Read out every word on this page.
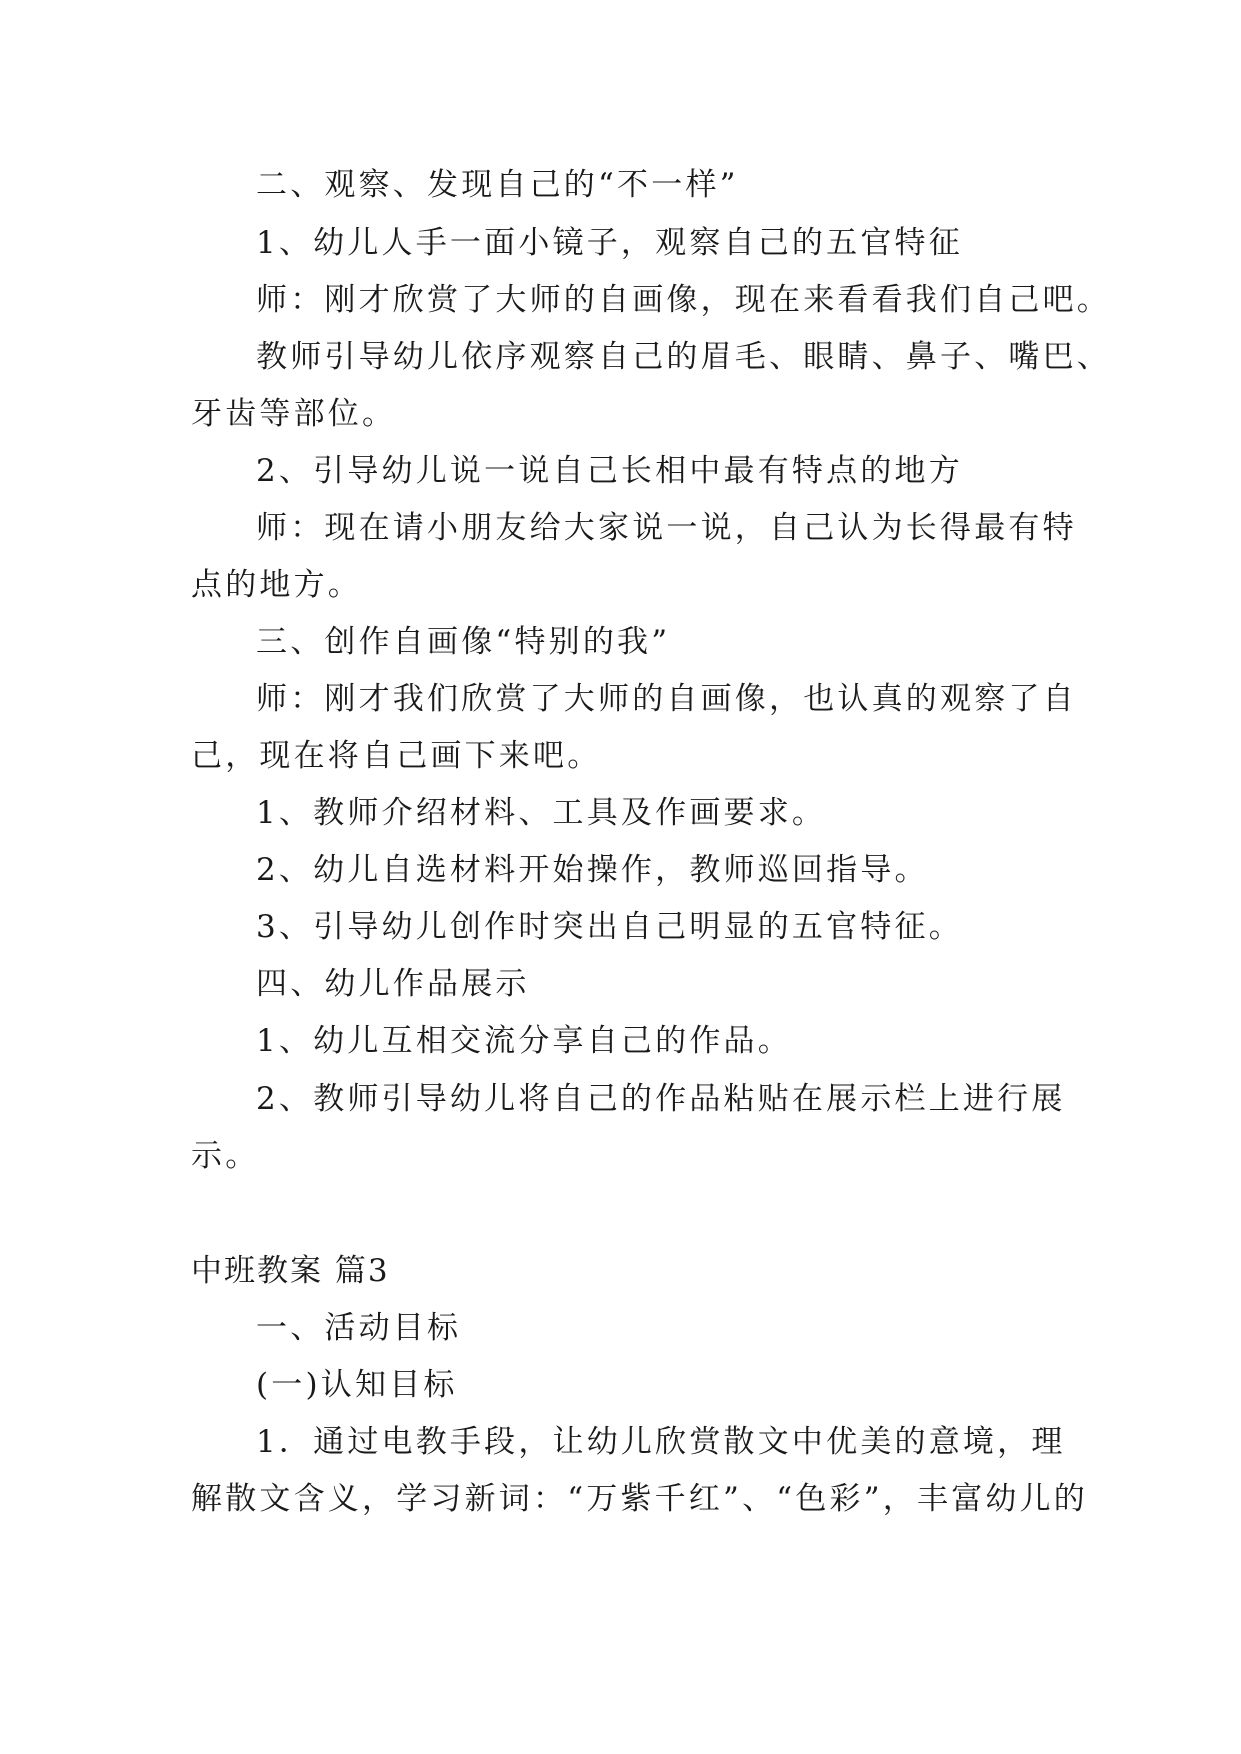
二、观察、发现自己的“不一样”
1、幼儿人手一面小镜子，观察自己的五官特征
师：刚才欣赏了大师的自画像，现在来看看我们自己吧。
教师引导幼儿依序观察自己的眉毛、眼睛、鼻子、嘴巴、
牙齿等部位。
2、引导幼儿说一说自己长相中最有特点的地方
师：现在请小朋友给大家说一说，自己认为长得最有特
点的地方。
三、创作自画像“特别的我”
师：刚才我们欣赏了大师的自画像，也认真的观察了自
己，现在将自己画下来吧。
1、教师介绍材料、工具及作画要求。
2、幼儿自选材料开始操作，教师巡回指导。
3、引导幼儿创作时突出自己明显的五官特征。
四、幼儿作品展示
1、幼儿互相交流分享自己的作品。
2、教师引导幼儿将自己的作品粘贴在展示栏上进行展
示。
中班教案 篇3
一、活动目标
(一)认知目标
1．通过电教手段，让幼儿欣赏散文中优美的意境，理
解散文含义，学习新词：“万紫千红”、“色彩”，丰富幼儿的
